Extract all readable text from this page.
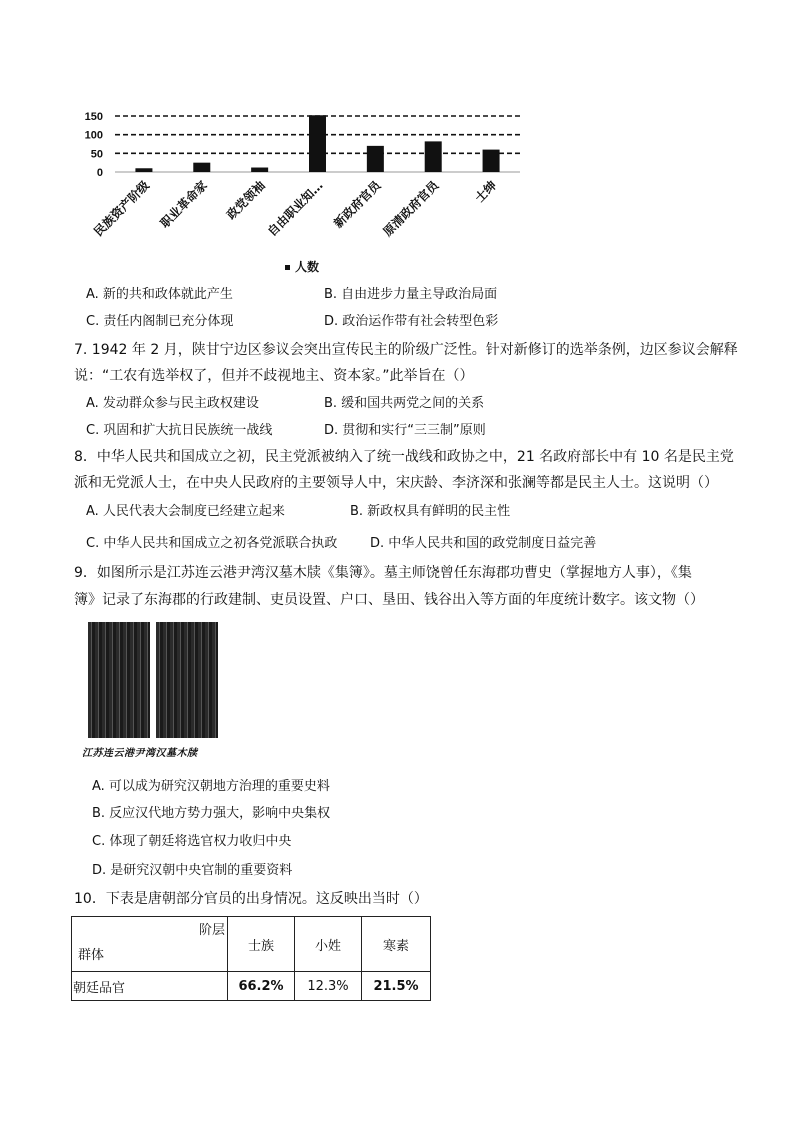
0
50
100
150
民族资产阶级 职业革命家 政党领袖
自由职业知… 新政府官员
原清政府官员	士绅
人数
A. 新的共和政体就此产生	B. 自由进步力量主导政治局面
C. 责任内阁制已充分体现	D. 政治运作带有社会转型色彩
7. 1942 年 2 月，陕甘宁边区参议会突出宣传民主的阶级广泛性。针对新修订的选举条例，边区参议会解释
说：“工农有选举权了，但并不歧视地主、资本家。”此举旨在（）
A. 发动群众参与民主政权建设	B. 缓和国共两党之间的关系
C. 巩固和扩大抗日民族统一战线	D. 贯彻和实行“三三制”原则
8．中华人民共和国成立之初，民主党派被纳入了统一战线和政协之中，21 名政府部长中有 10 名是民主党
派和无党派人士，在中央人民政府的主要领导人中，宋庆龄、李济深和张澜等都是民主人士。这说明（）
A. 人民代表大会制度已经建立起来	B. 新政权具有鲜明的民主性
C. 中华人民共和国成立之初各党派联合执政	D. 中华人民共和国的政党制度日益完善
9．如图所示是江苏连云港尹湾汉墓木牍《集簿》。墓主师饶曾任东海郡功曹史（掌握地方人事），《集
簿》记录了东海郡的行政建制、吏员设置、户口、垦田、钱谷出入等方面的年度统计数字。该文物（）
江苏连云港尹湾汉墓木牍
A. 可以成为研究汉朝地方治理的重要史料
B. 反应汉代地方势力强大，影响中央集权
C. 体现了朝廷将选官权力收归中央
D. 是研究汉朝中央官制的重要资料
10．下表是唐朝部分官员的出身情况。这反映出当时（）
阶层
群体	士族	小姓	寒素
朝廷品官	66.2%	12.3%	21.5%
